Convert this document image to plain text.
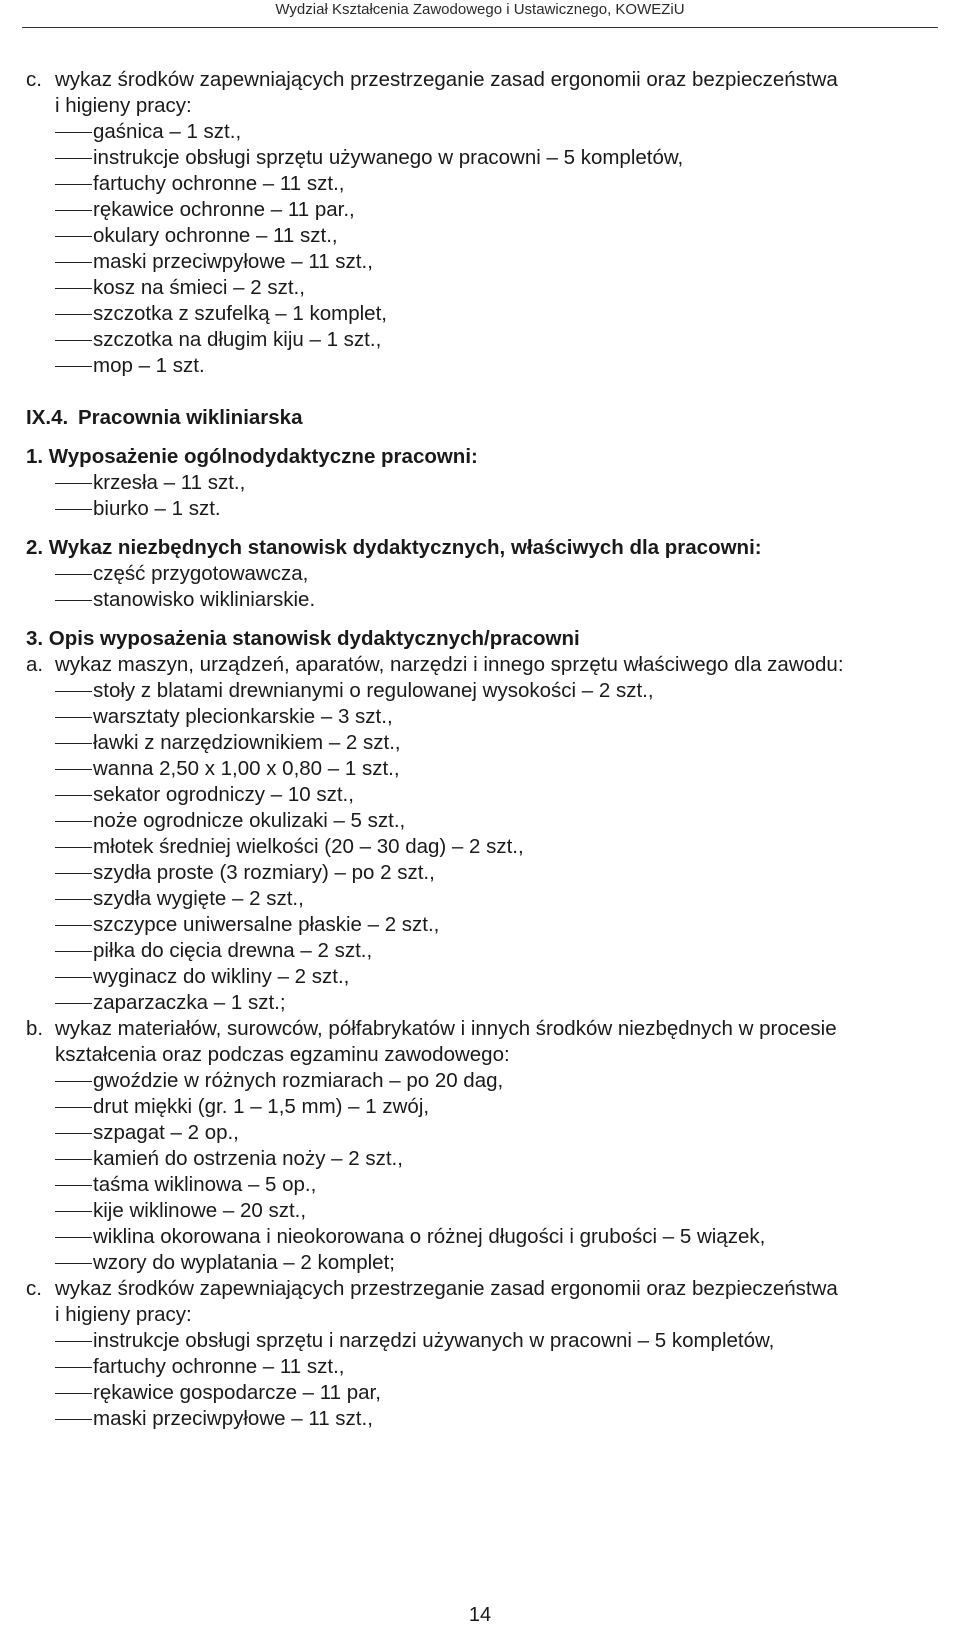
Wydział Kształcenia Zawodowego i Ustawicznego, KOWEZiU
c. wykaz środków zapewniających przestrzeganie zasad ergonomii oraz bezpieczeństwa
i higieny pracy:
gaśnica – 1 szt.,
instrukcje obsługi sprzętu używanego w pracowni – 5 kompletów,
fartuchy ochronne – 11 szt.,
rękawice ochronne – 11 par.,
okulary ochronne – 11 szt.,
maski przeciwpyłowe – 11 szt.,
kosz na śmieci – 2 szt.,
szczotka z szufelką – 1 komplet,
szczotka na długim kiju – 1 szt.,
mop – 1 szt.
IX.4. Pracownia wikliniarska
1. Wyposażenie ogólnodydaktyczne pracowni:
krzesła – 11 szt.,
biurko – 1 szt.
2. Wykaz niezbędnych stanowisk dydaktycznych, właściwych dla pracowni:
część przygotowawcza,
stanowisko wikliniarskie.
3. Opis wyposażenia stanowisk dydaktycznych/pracowni
a. wykaz maszyn, urządzeń, aparatów, narzędzi i innego sprzętu właściwego dla zawodu:
stoły z blatami drewnianymi o regulowanej wysokości – 2 szt.,
warsztaty plecionkarskie – 3 szt.,
ławki z narzędziownikiem – 2 szt.,
wanna 2,50 x 1,00 x 0,80 – 1 szt.,
sekator ogrodniczy – 10 szt.,
noże ogrodnicze okulizaki – 5 szt.,
młotek średniej wielkości (20 – 30 dag) – 2 szt.,
szydła proste (3 rozmiary) – po 2 szt.,
szydła wygięte – 2 szt.,
szczypce uniwersalne płaskie – 2 szt.,
piłka do cięcia drewna – 2 szt.,
wyginacz do wikliny – 2 szt.,
zaparzaczka – 1 szt.;
b. wykaz materiałów, surowców, półfabrykatów i innych środków niezbędnych w procesie
kształcenia oraz podczas egzaminu zawodowego:
gwoździe w różnych rozmiarach – po 20 dag,
drut miękki (gr. 1 – 1,5 mm) – 1 zwój,
szpagat – 2 op.,
kamień do ostrzenia noży – 2 szt.,
taśma wiklinowa – 5 op.,
kije wiklinowe – 20 szt.,
wiklina okorowana i nieokorowana o różnej długości i grubości – 5 wiązek,
wzory do wyplatania – 2 komplet;
c. wykaz środków zapewniających przestrzeganie zasad ergonomii oraz bezpieczeństwa
i higieny pracy:
instrukcje obsługi sprzętu i narzędzi używanych w pracowni – 5 kompletów,
fartuchy ochronne – 11 szt.,
rękawice gospodarcze – 11 par,
maski przeciwpyłowe – 11 szt.,
14
